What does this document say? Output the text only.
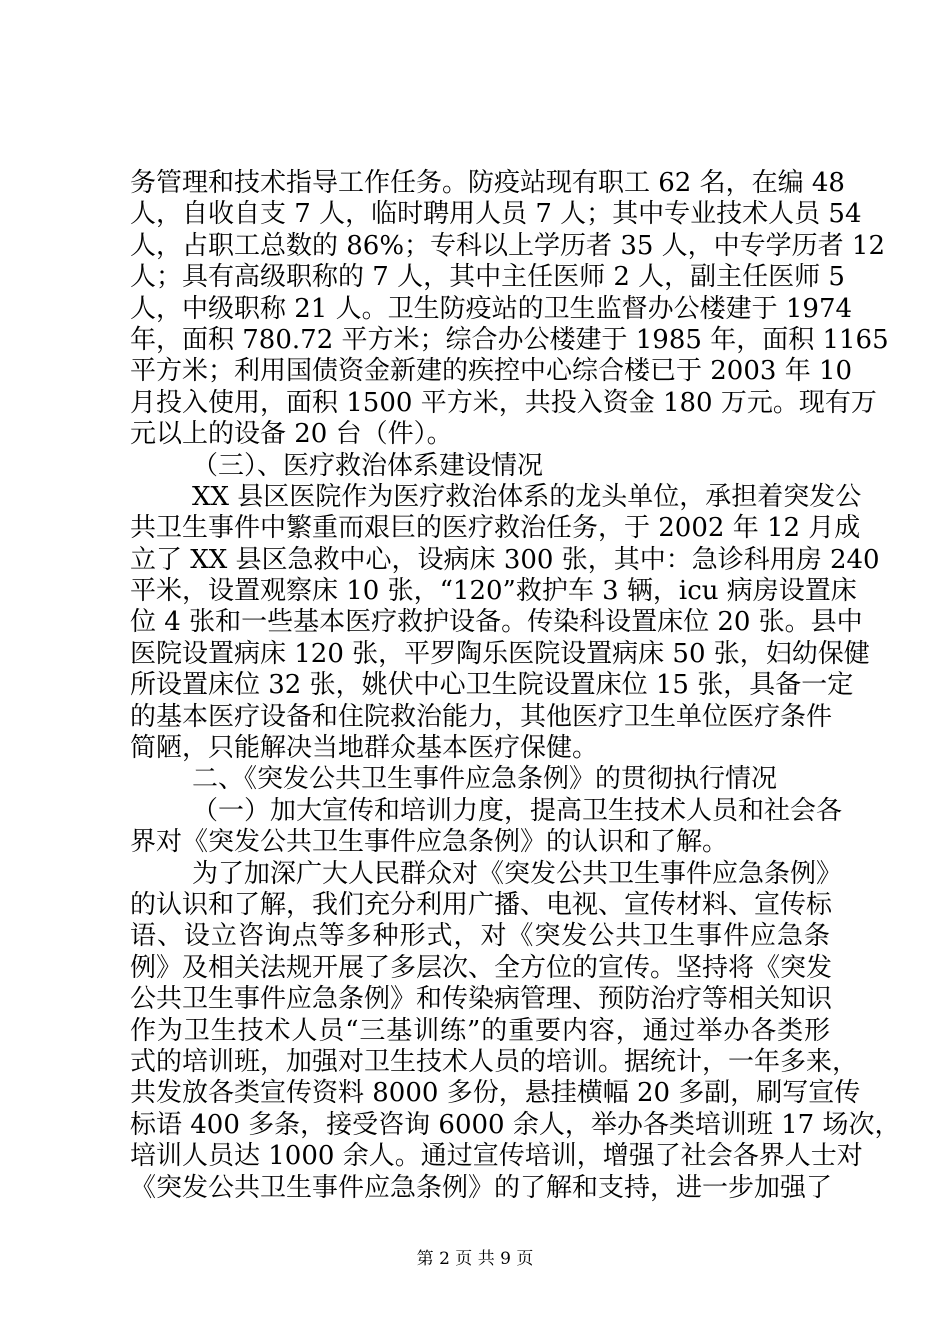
务管理和技术指导工作任务。防疫站现有职工 62 名，在编 48
人，自收自支 7 人，临时聘用人员 7 人；其中专业技术人员 54
人，占职工总数的 86%；专科以上学历者 35 人，中专学历者 12
人；具有高级职称的 7 人，其中主任医师 2 人，副主任医师 5
人，中级职称 21 人。卫生防疫站的卫生监督办公楼建于 1974
年，面积 780.72 平方米；综合办公楼建于 1985 年，面积 1165
平方米；利用国债资金新建的疾控中心综合楼已于 2003 年 10
月投入使用，面积 1500 平方米，共投入资金 180 万元。现有万
元以上的设备 20 台（件）。
（三）、医疗救治体系建设情况
XX 县区医院作为医疗救治体系的龙头单位，承担着突发公
共卫生事件中繁重而艰巨的医疗救治任务，于 2002 年 12 月成
立了 XX 县区急救中心，设病床 300 张，其中：急诊科用房 240
平米，设置观察床 10 张，“120”救护车 3 辆，icu 病房设置床
位 4 张和一些基本医疗救护设备。传染科设置床位 20 张。县中
医院设置病床 120 张，平罗陶乐医院设置病床 50 张，妇幼保健
所设置床位 32 张，姚伏中心卫生院设置床位 15 张，具备一定
的基本医疗设备和住院救治能力，其他医疗卫生单位医疗条件
简陋，只能解决当地群众基本医疗保健。
二、《突发公共卫生事件应急条例》的贯彻执行情况
（一）加大宣传和培训力度，提高卫生技术人员和社会各
界对《突发公共卫生事件应急条例》的认识和了解。
为了加深广大人民群众对《突发公共卫生事件应急条例》
的认识和了解，我们充分利用广播、电视、宣传材料、宣传标
语、设立咨询点等多种形式，对《突发公共卫生事件应急条
例》及相关法规开展了多层次、全方位的宣传。坚持将《突发
公共卫生事件应急条例》和传染病管理、预防治疗等相关知识
作为卫生技术人员“三基训练”的重要内容，通过举办各类形
式的培训班，加强对卫生技术人员的培训。据统计，一年多来，
共发放各类宣传资料 8000 多份，悬挂横幅 20 多副，刷写宣传
标语 400 多条，接受咨询 6000 余人，举办各类培训班 17 场次，
培训人员达 1000 余人。通过宣传培训，增强了社会各界人士对
《突发公共卫生事件应急条例》的了解和支持，进一步加强了
第 2 页 共 9 页
